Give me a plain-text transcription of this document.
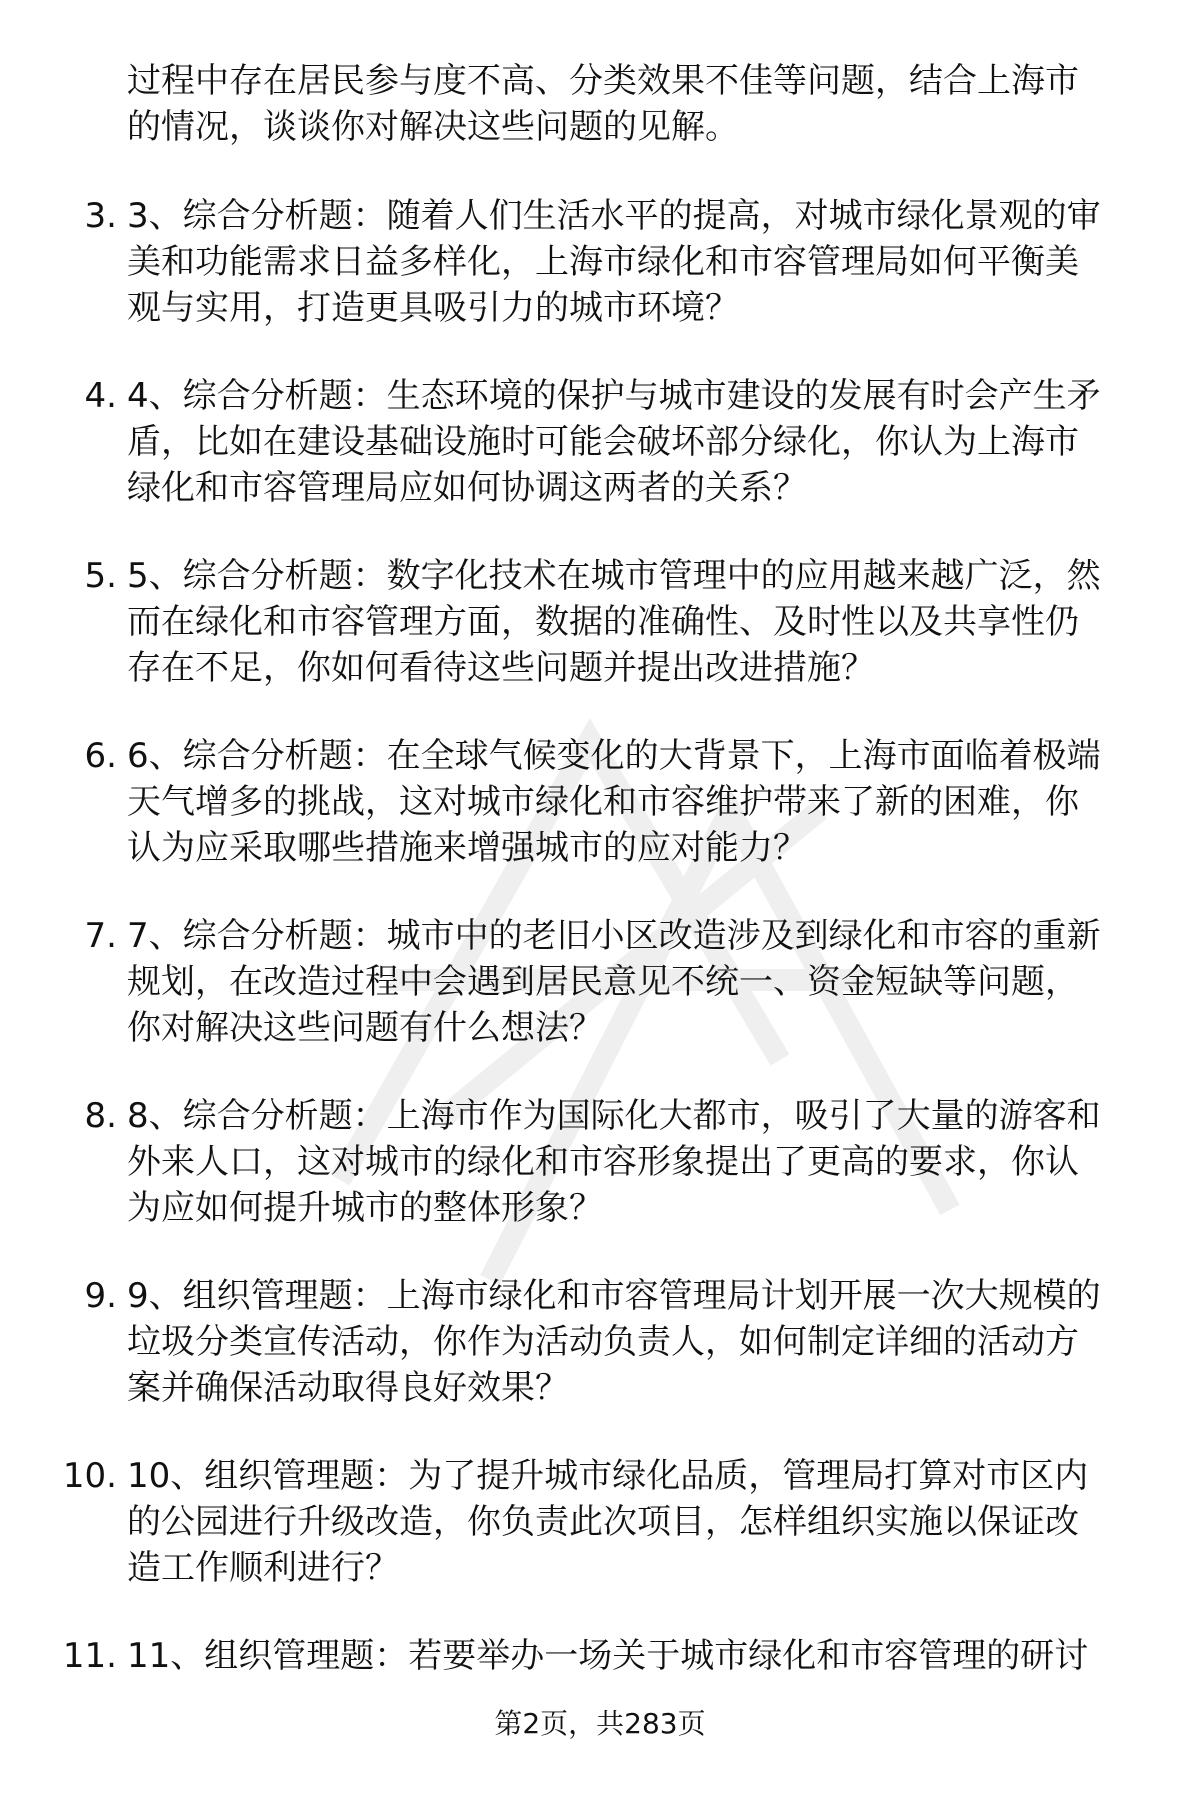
过程中存在居民参与度不高、分类效果不佳等问题，结合上海市
的情况，谈谈你对解决这些问题的见解。
3. 3、综合分析题：随着人们生活水平的提高，对城市绿化景观的审
美和功能需求日益多样化，上海市绿化和市容管理局如何平衡美
观与实用，打造更具吸引力的城市环境？
4. 4、综合分析题：生态环境的保护与城市建设的发展有时会产生矛
盾，比如在建设基础设施时可能会破坏部分绿化，你认为上海市
绿化和市容管理局应如何协调这两者的关系？
5. 5、综合分析题：数字化技术在城市管理中的应用越来越广泛，然
而在绿化和市容管理方面，数据的准确性、及时性以及共享性仍
存在不足，你如何看待这些问题并提出改进措施？
6. 6、综合分析题：在全球气候变化的大背景下，上海市面临着极端
天气增多的挑战，这对城市绿化和市容维护带来了新的困难，你
认为应采取哪些措施来增强城市的应对能力？
7. 7、综合分析题：城市中的老旧小区改造涉及到绿化和市容的重新
规划，在改造过程中会遇到居民意见不统一、资金短缺等问题，
你对解决这些问题有什么想法？
8. 8、综合分析题：上海市作为国际化大都市，吸引了大量的游客和
外来人口，这对城市的绿化和市容形象提出了更高的要求，你认
为应如何提升城市的整体形象？
9. 9、组织管理题：上海市绿化和市容管理局计划开展一次大规模的
垃圾分类宣传活动，你作为活动负责人，如何制定详细的活动方
案并确保活动取得良好效果？
10. 10、组织管理题：为了提升城市绿化品质，管理局打算对市区内
的公园进行升级改造，你负责此次项目，怎样组织实施以保证改
造工作顺利进行？
11. 11、组织管理题：若要举办一场关于城市绿化和市容管理的研讨
第2页，共283页
